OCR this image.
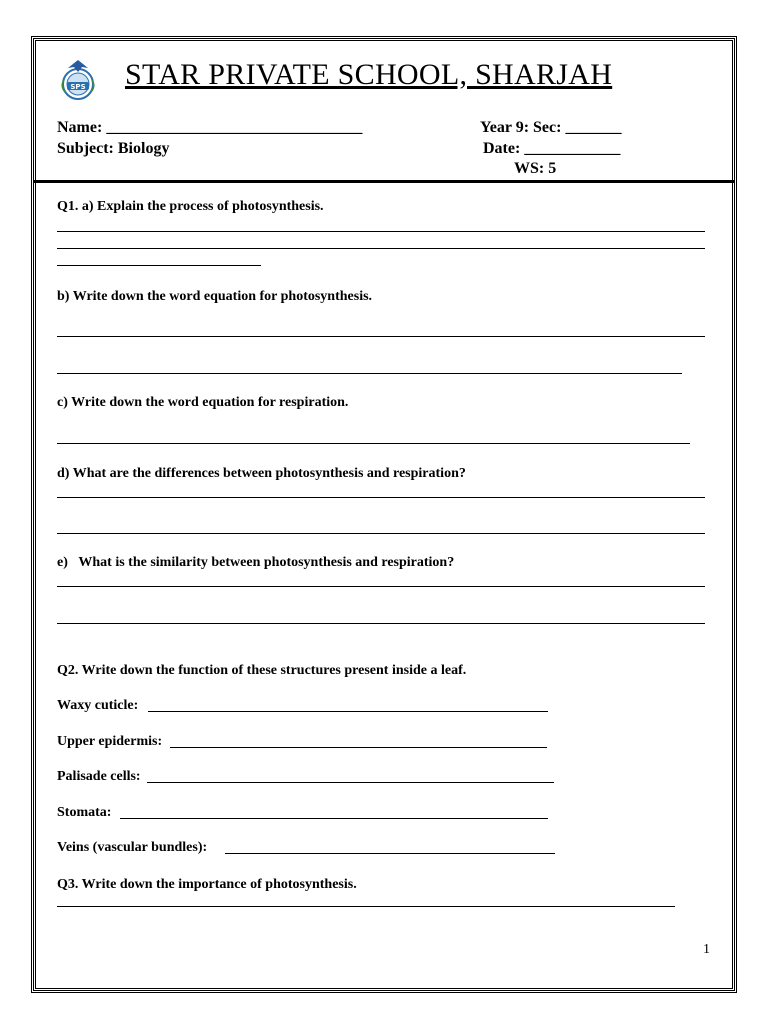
SPS STAR PRIVATE SCHOOL, SHARJAH
Name: ________________________________	Year 9: Sec: _______
Subject: Biology	Date: ____________
WS: 5
Q1. a) Explain the process of photosynthesis.
b) Write down the word equation for photosynthesis.
c) Write down the word equation for respiration.
d) What are the differences between photosynthesis and respiration?
e) What is the similarity between photosynthesis and respiration?
Q2. Write down the function of these structures present inside a leaf.
Waxy cuticle:
Upper epidermis:
Palisade cells:
Stomata:
Veins (vascular bundles):
Q3. Write down the importance of photosynthesis.
1
